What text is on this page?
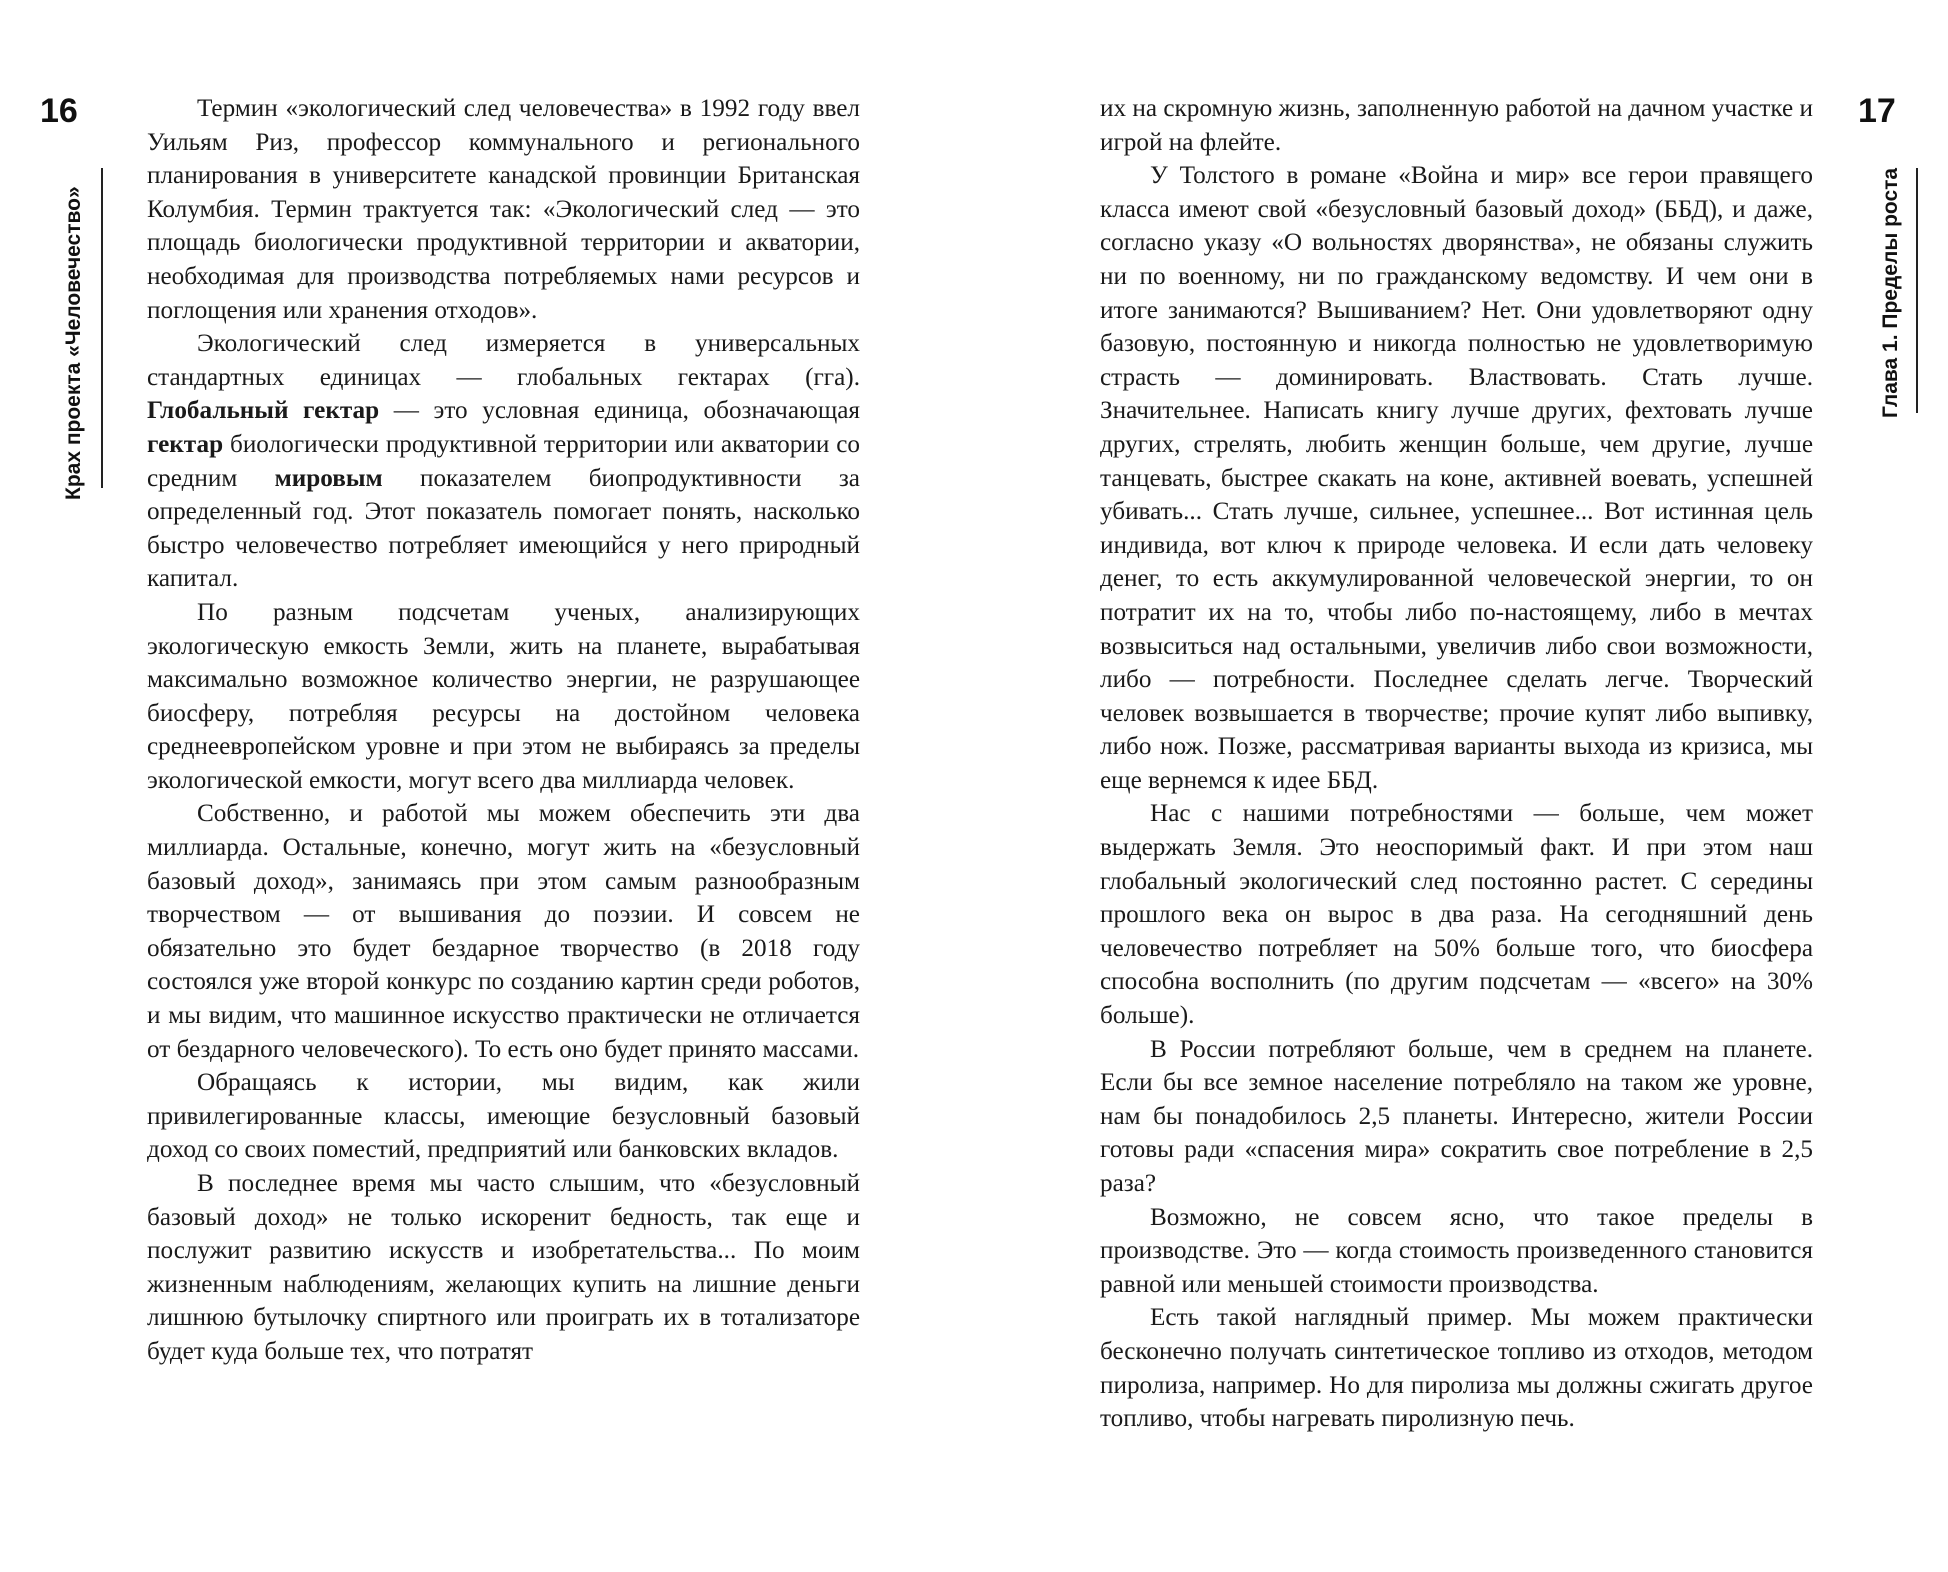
16
Крах проекта «Человечество»

Термин «экологический след человечества» в 1992 году ввел Уильям Риз, профессор коммунального и регионального планирования в университете канадской провинции Британская Колумбия. Термин трактуется так: «Экологический след — это площадь биологически продуктивной территории и акватории, необходимая для производства потребляемых нами ресурсов и поглощения или хранения отходов».

Экологический след измеряется в универсальных стандартных единицах — глобальных гектарах (гга). Глобальный гектар — это условная единица, обозначающая гектар биологически продуктивной территории или акватории со средним мировым показателем биопродуктивности за определенный год. Этот показатель помогает понять, насколько быстро человечество потребляет имеющийся у него природный капитал.

По разным подсчетам ученых, анализирующих экологическую емкость Земли, жить на планете, вырабатывая максимально возможное количество энергии, не разрушающее биосферу, потребляя ресурсы на достойном человека среднеевропейском уровне и при этом не выбираясь за пределы экологической емкости, могут всего два миллиарда человек.

Собственно, и работой мы можем обеспечить эти два миллиарда. Остальные, конечно, могут жить на «безусловный базовый доход», занимаясь при этом самым разнообразным творчеством — от вышивания до поэзии. И совсем не обязательно это будет бездарное творчество (в 2018 году состоялся уже второй конкурс по созданию картин среди роботов, и мы видим, что машинное искусство практически не отличается от бездарного человеческого). То есть оно будет принято массами.

Обращаясь к истории, мы видим, как жили привилегированные классы, имеющие безусловный базовый доход со своих поместий, предприятий или банковских вкладов.

В последнее время мы часто слышим, что «безусловный базовый доход» не только искоренит бедность, так еще и послужит развитию искусств и изобретательства... По моим жизненным наблюдениям, желающих купить на лишние деньги лишнюю бутылочку спиртного или проиграть их в тотализаторе будет куда больше тех, что потратят

их на скромную жизнь, заполненную работой на дачном участке и игрой на флейте.

У Толстого в романе «Война и мир» все герои правящего класса имеют свой «безусловный базовый доход» (ББД), и даже, согласно указу «О вольностях дворянства», не обязаны служить ни по военному, ни по гражданскому ведомству. И чем они в итоге занимаются? Вышиванием? Нет. Они удовлетворяют одну базовую, постоянную и никогда полностью не удовлетворимую страсть — доминировать. Властвовать. Стать лучше. Значительнее. Написать книгу лучше других, фехтовать лучше других, стрелять, любить женщин больше, чем другие, лучше танцевать, быстрее скакать на коне, активней воевать, успешней убивать... Стать лучше, сильнее, успешнее... Вот истинная цель индивида, вот ключ к природе человека. И если дать человеку денег, то есть аккумулированной человеческой энергии, то он потратит их на то, чтобы либо по-настоящему, либо в мечтах возвыситься над остальными, увеличив либо свои возможности, либо — потребности. Последнее сделать легче. Творческий человек возвышается в творчестве; прочие купят либо выпивку, либо нож. Позже, рассматривая варианты выхода из кризиса, мы еще вернемся к идее ББД.

Нас с нашими потребностями — больше, чем может выдержать Земля. Это неоспоримый факт. И при этом наш глобальный экологический след постоянно растет. С середины прошлого века он вырос в два раза. На сегодняшний день человечество потребляет на 50% больше того, что биосфера способна восполнить (по другим подсчетам — «всего» на 30% больше).

В России потребляют больше, чем в среднем на планете. Если бы все земное население потребляло на таком же уровне, нам бы понадобилось 2,5 планеты. Интересно, жители России готовы ради «спасения мира» сократить свое потребление в 2,5 раза?

Возможно, не совсем ясно, что такое пределы в производстве. Это — когда стоимость произведенного становится равной или меньшей стоимости производства.

Есть такой наглядный пример. Мы можем практически бесконечно получать синтетическое топливо из отходов, методом пиролиза, например. Но для пиролиза мы должны сжигать другое топливо, чтобы нагревать пиролизную печь.

17
Глава 1. Пределы роста
